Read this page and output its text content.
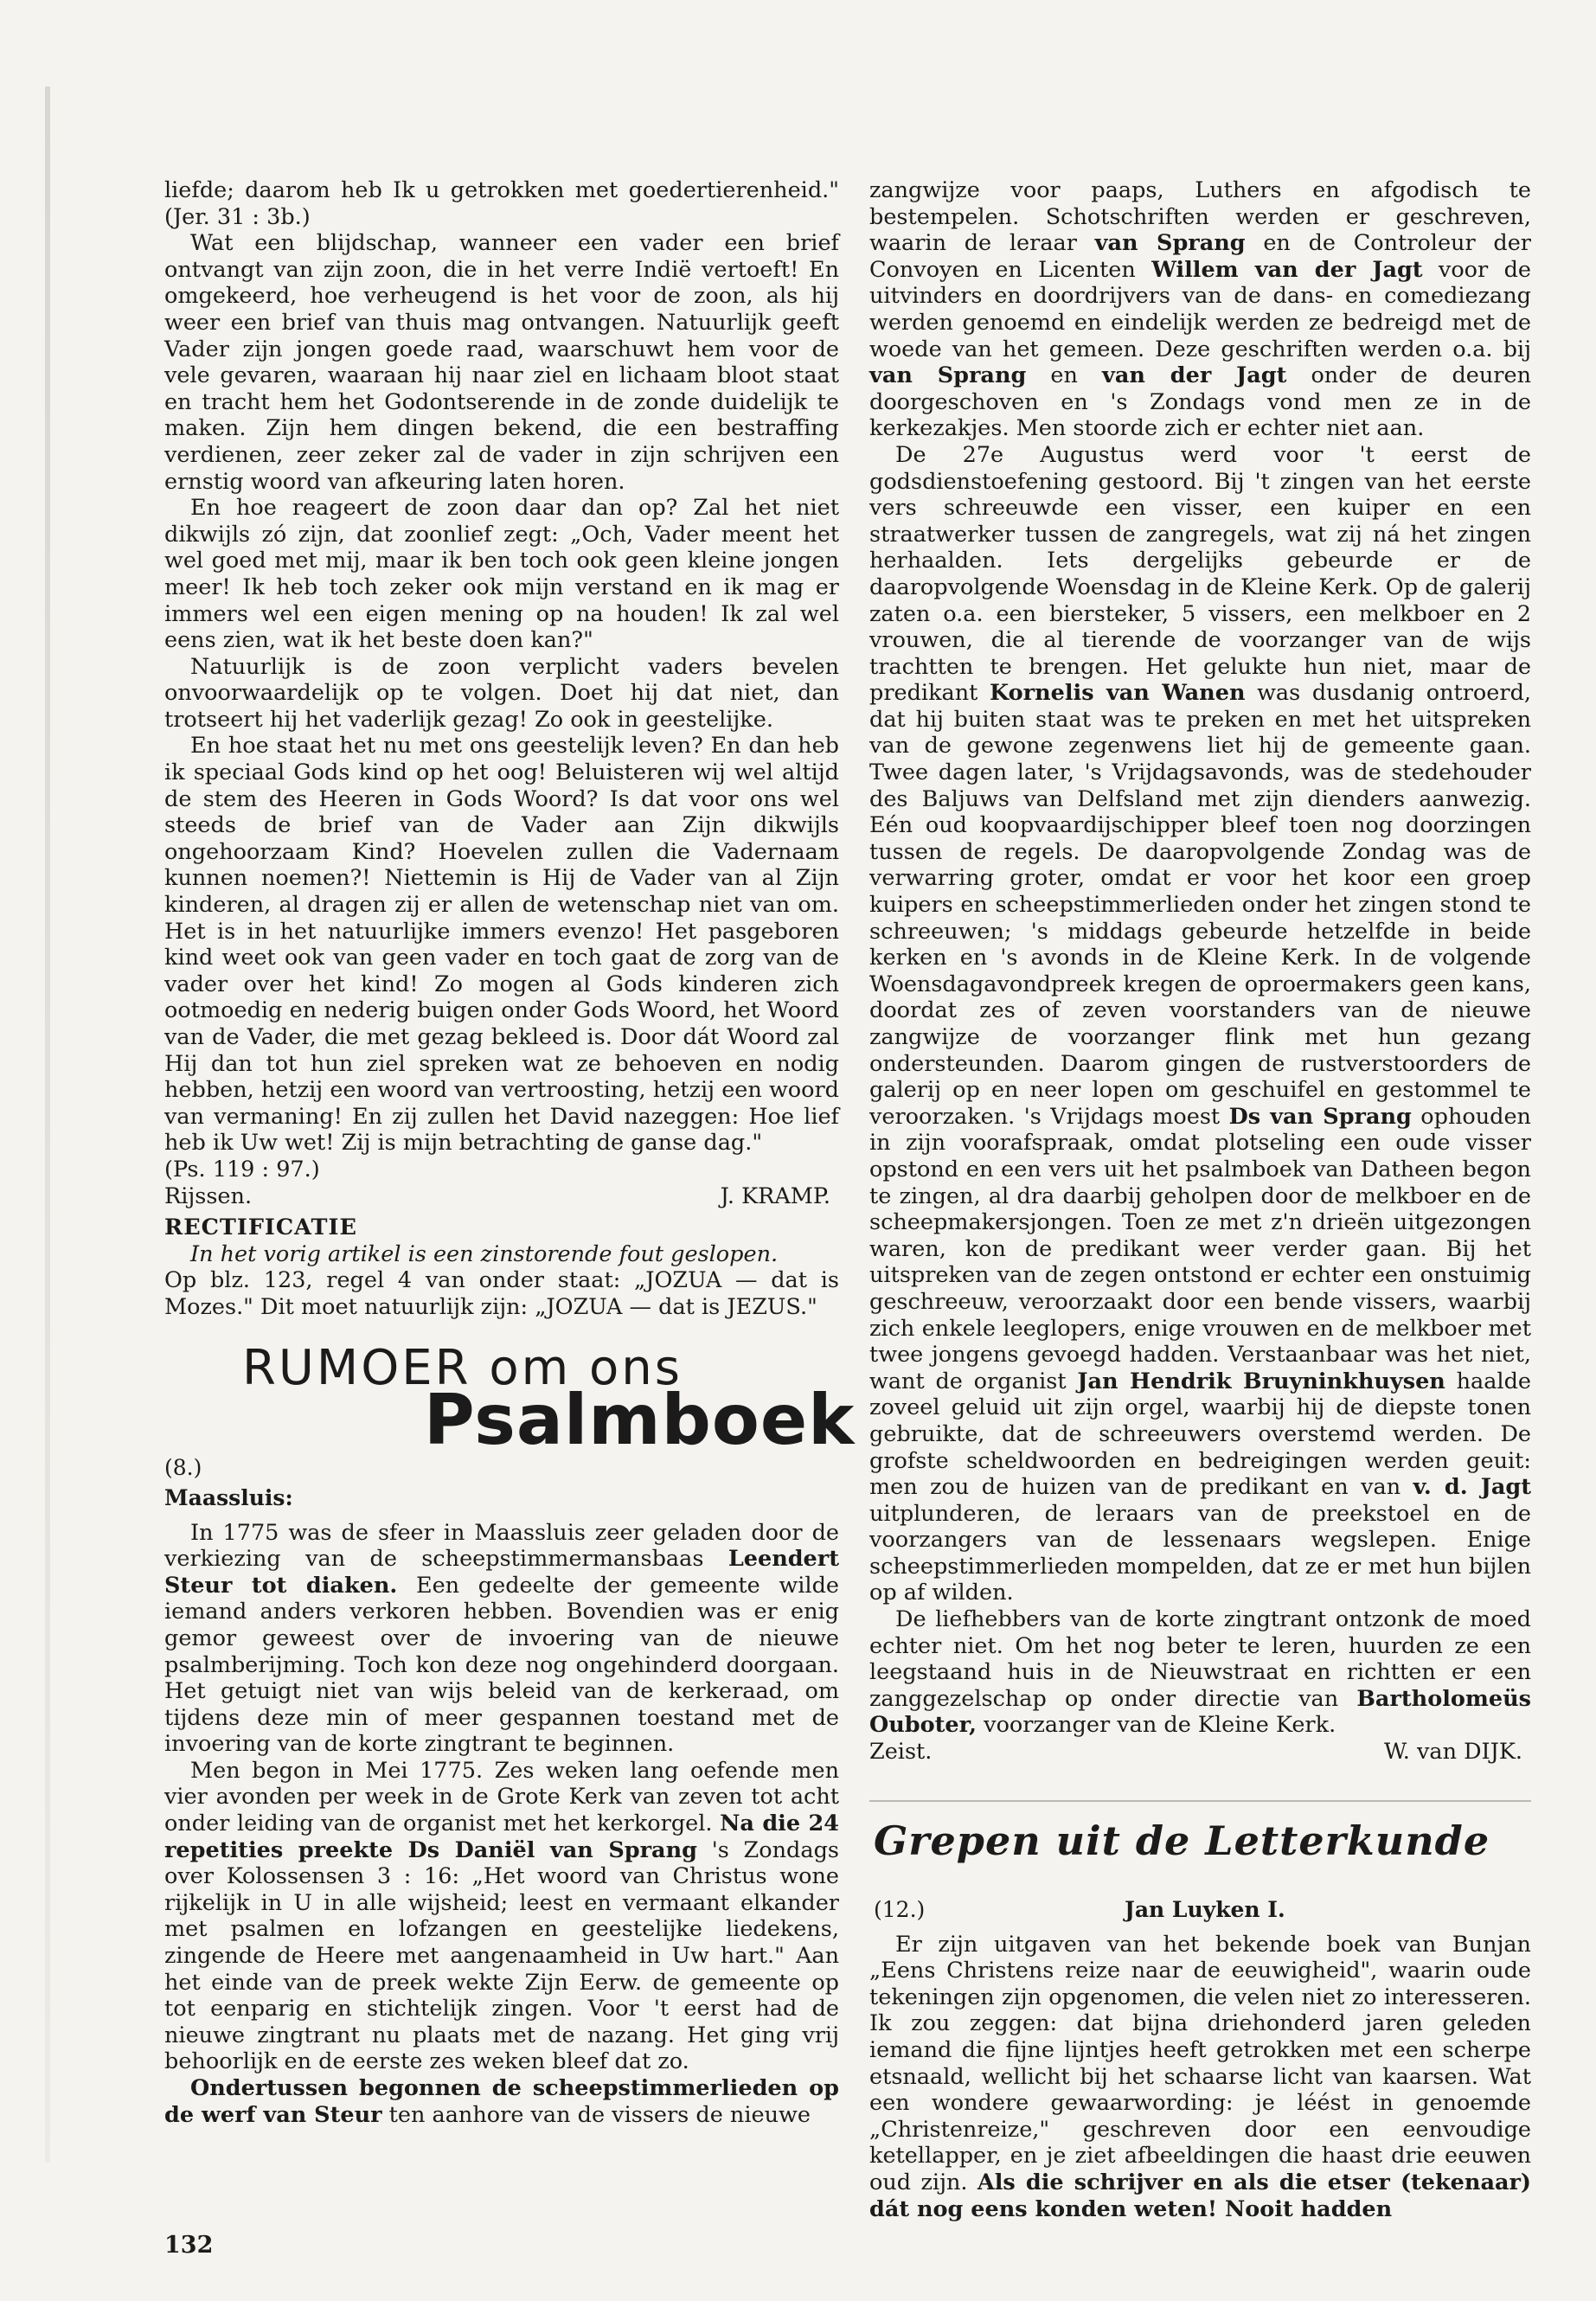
liefde; daarom heb Ik u getrokken met goedertierenheid." (Jer. 31 : 3b.)

Wat een blijdschap, wanneer een vader een brief ontvangt van zijn zoon, die in het verre Indië vertoeft! En omgekeerd, hoe verheugend is het voor de zoon, als hij weer een brief van thuis mag ontvangen. Natuurlijk geeft Vader zijn jongen goede raad, waarschuwt hem voor de vele gevaren, waaraan hij naar ziel en lichaam bloot staat en tracht hem het Godontserende in de zonde duidelijk te maken. Zijn hem dingen bekend, die een bestraffing verdienen, zeer zeker zal de vader in zijn schrijven een ernstig woord van afkeuring laten horen.

En hoe reageert de zoon daar dan op? Zal het niet dikwijls zó zijn, dat zoonlief zegt: „Och, Vader meent het wel goed met mij, maar ik ben toch ook geen kleine jongen meer! Ik heb toch zeker ook mijn verstand en ik mag er immers wel een eigen mening op na houden! Ik zal wel eens zien, wat ik het beste doen kan?"

Natuurlijk is de zoon verplicht vaders bevelen onvoorwaardelijk op te volgen. Doet hij dat niet, dan trotseert hij het vaderlijk gezag! Zo ook in geestelijke.

En hoe staat het nu met ons geestelijk leven? En dan heb ik speciaal Gods kind op het oog! Beluisteren wij wel altijd de stem des Heeren in Gods Woord? Is dat voor ons wel steeds de brief van de Vader aan Zijn dikwijls ongehoorzaam Kind? Hoevelen zullen die Vadernaam kunnen noemen?! Niettemin is Hij de Vader van al Zijn kinderen, al dragen zij er allen de wetenschap niet van om. Het is in het natuurlijke immers evenzo! Het pasgeboren kind weet ook van geen vader en toch gaat de zorg van de vader over het kind! Zo mogen al Gods kinderen zich ootmoedig en nederig buigen onder Gods Woord, het Woord van de Vader, die met gezag bekleed is. Door dát Woord zal Hij dan tot hun ziel spreken wat ze behoeven en nodig hebben, hetzij een woord van vertroosting, hetzij een woord van vermaning! En zij zullen het David nazeggen: Hoe lief heb ik Uw wet! Zij is mijn betrachting de ganse dag."

(Ps. 119 : 97.)

Rijssen.	J. KRAMP.
RECTIFICATIE

In het vorig artikel is een zinstorende fout geslopen.

Op blz. 123, regel 4 van onder staat: „JOZUA — dat is Mozes." Dit moet natuurlijk zijn: „JOZUA — dat is JEZUS."

RUMOER om ons
Psalmboek
(8.)
Maassluis:

In 1775 was de sfeer in Maassluis zeer geladen door de verkiezing van de scheepstimmermansbaas Leendert Steur tot diaken. Een gedeelte der gemeente wilde iemand anders verkoren hebben. Bovendien was er enig gemor geweest over de invoering van de nieuwe psalmberijming. Toch kon deze nog ongehinderd doorgaan. Het getuigt niet van wijs beleid van de kerkeraad, om tijdens deze min of meer gespannen toestand met de invoering van de korte zingtrant te beginnen.

Men begon in Mei 1775. Zes weken lang oefende men vier avonden per week in de Grote Kerk van zeven tot acht onder leiding van de organist met het kerkorgel. Na die 24 repetities preekte Ds Daniël van Sprang 's Zondags over Kolossensen 3 : 16: „Het woord van Christus wone rijkelijk in U in alle wijsheid; leest en vermaant elkander met psalmen en lofzangen en geestelijke liedekens, zingende de Heere met aangenaamheid in Uw hart." Aan het einde van de preek wekte Zijn Eerw. de gemeente op tot eenparig en stichtelijk zingen. Voor 't eerst had de nieuwe zingtrant nu plaats met de nazang. Het ging vrij behoorlijk en de eerste zes weken bleef dat zo.

Ondertussen begonnen de scheepstimmerlieden op de werf van Steur ten aanhore van de vissers de nieuwe

zangwijze voor paaps, Luthers en afgodisch te bestempelen. Schotschriften werden er geschreven, waarin de leraar van Sprang en de Controleur der Convoyen en Licenten Willem van der Jagt voor de uitvinders en doordrijvers van de dans- en comediezang werden genoemd en eindelijk werden ze bedreigd met de woede van het gemeen. Deze geschriften werden o.a. bij van Sprang en van der Jagt onder de deuren doorgeschoven en 's Zondags vond men ze in de kerkezakjes. Men stoorde zich er echter niet aan.

De 27e Augustus werd voor 't eerst de godsdienstoefening gestoord. Bij 't zingen van het eerste vers schreeuwde een visser, een kuiper en een straatwerker tussen de zangregels, wat zij ná het zingen herhaalden. Iets dergelijks gebeurde er de daaropvolgende Woensdag in de Kleine Kerk. Op de galerij zaten o.a. een biersteker, 5 vissers, een melkboer en 2 vrouwen, die al tierende de voorzanger van de wijs trachtten te brengen. Het gelukte hun niet, maar de predikant Kornelis van Wanen was dusdanig ontroerd, dat hij buiten staat was te preken en met het uitspreken van de gewone zegenwens liet hij de gemeente gaan. Twee dagen later, 's Vrijdagsavonds, was de stedehouder des Baljuws van Delfsland met zijn dienders aanwezig. Eén oud koopvaardijschipper bleef toen nog doorzingen tussen de regels. De daaropvolgende Zondag was de verwarring groter, omdat er voor het koor een groep kuipers en scheepstimmerlieden onder het zingen stond te schreeuwen; 's middags gebeurde hetzelfde in beide kerken en 's avonds in de Kleine Kerk. In de volgende Woensdagavondpreek kregen de oproermakers geen kans, doordat zes of zeven voorstanders van de nieuwe zangwijze de voorzanger flink met hun gezang ondersteunden. Daarom gingen de rustverstoorders de galerij op en neer lopen om geschuifel en gestommel te veroorzaken. 's Vrijdags moest Ds van Sprang ophouden in zijn voorafspraak, omdat plotseling een oude visser opstond en een vers uit het psalmboek van Datheen begon te zingen, al dra daarbij geholpen door de melkboer en de scheepmakersjongen. Toen ze met z'n drieën uitgezongen waren, kon de predikant weer verder gaan. Bij het uitspreken van de zegen ontstond er echter een onstuimig geschreeuw, veroorzaakt door een bende vissers, waarbij zich enkele leeglopers, enige vrouwen en de melkboer met twee jongens gevoegd hadden. Verstaanbaar was het niet, want de organist Jan Hendrik Bruyninkhuysen haalde zoveel geluid uit zijn orgel, waarbij hij de diepste tonen gebruikte, dat de schreeuwers overstemd werden. De grofste scheldwoorden en bedreigingen werden geuit: men zou de huizen van de predikant en van v. d. Jagt uitplunderen, de leraars van de preekstoel en de voorzangers van de lessenaars wegslepen. Enige scheepstimmerlieden mompelden, dat ze er met hun bijlen op af wilden.

De liefhebbers van de korte zingtrant ontzonk de moed echter niet. Om het nog beter te leren, huurden ze een leegstaand huis in de Nieuwstraat en richtten er een zanggezelschap op onder directie van Bartholomeüs Ouboter, voorzanger van de Kleine Kerk.

Zeist.	W. van DIJK.
Grepen uit de Letterkunde
(12.)	Jan Luyken I.

Er zijn uitgaven van het bekende boek van Bunjan „Eens Christens reize naar de eeuwigheid", waarin oude tekeningen zijn opgenomen, die velen niet zo interesseren. Ik zou zeggen: dat bijna driehonderd jaren geleden iemand die fijne lijntjes heeft getrokken met een scherpe etsnaald, wellicht bij het schaarse licht van kaarsen. Wat een wondere gewaarwording: je léést in genoemde „Christenreize," geschreven door een eenvoudige ketellapper, en je ziet afbeeldingen die haast drie eeuwen oud zijn. Als die schrijver en als die etser (tekenaar) dát nog eens konden weten! Nooit hadden

132
